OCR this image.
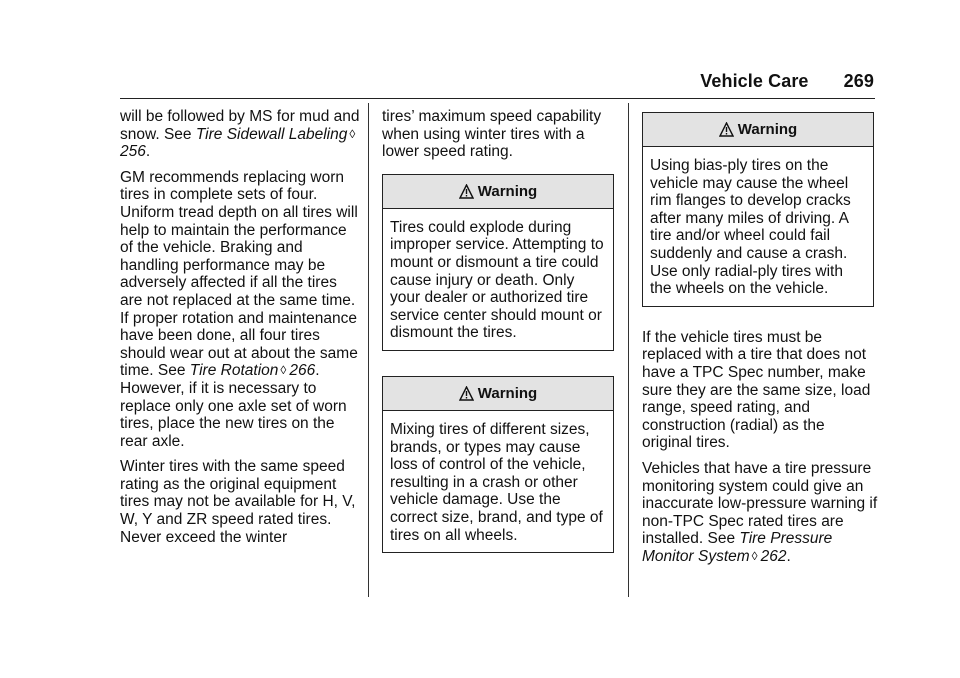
Vehicle Care 269

will be followed by MS for mud and snow. See Tire Sidewall Labeling ◊256.

GM recommends replacing worn tires in complete sets of four. Uniform tread depth on all tires will help to maintain the performance of the vehicle. Braking and handling performance may be adversely affected if all the tires are not replaced at the same time.

If proper rotation and maintenance have been done, all four tires should wear out at about the same time. See Tire Rotation ◊ 266. However, if it is necessary to replace only one axle set of worn tires, place the new tires on the rear axle.

Winter tires with the same speed rating as the original equipment tires may not be available for H, V, W, Y and ZR speed rated tires. Never exceed the winter

tires’ maximum speed capability when using winter tires with a lower speed rating.

Warning
Tires could explode during improper service. Attempting to mount or dismount a tire could cause injury or death. Only your dealer or authorized tire service center should mount or dismount the tires.
Warning
Mixing tires of different sizes, brands, or types may cause loss of control of the vehicle, resulting in a crash or other vehicle damage. Use the correct size, brand, and type of tires on all wheels.
Warning
Using bias-ply tires on the vehicle may cause the wheel rim flanges to develop cracks after many miles of driving. A tire and/or wheel could fail suddenly and cause a crash. Use only radial-ply tires with the wheels on the vehicle.

If the vehicle tires must be replaced with a tire that does not have a TPC Spec number, make sure they are the same size, load range, speed rating, and construction (radial) as the original tires.

Vehicles that have a tire pressure monitoring system could give an inaccurate low-pressure warning if non-TPC Spec rated tires are installed. See Tire Pressure Monitor System ◊ 262.
